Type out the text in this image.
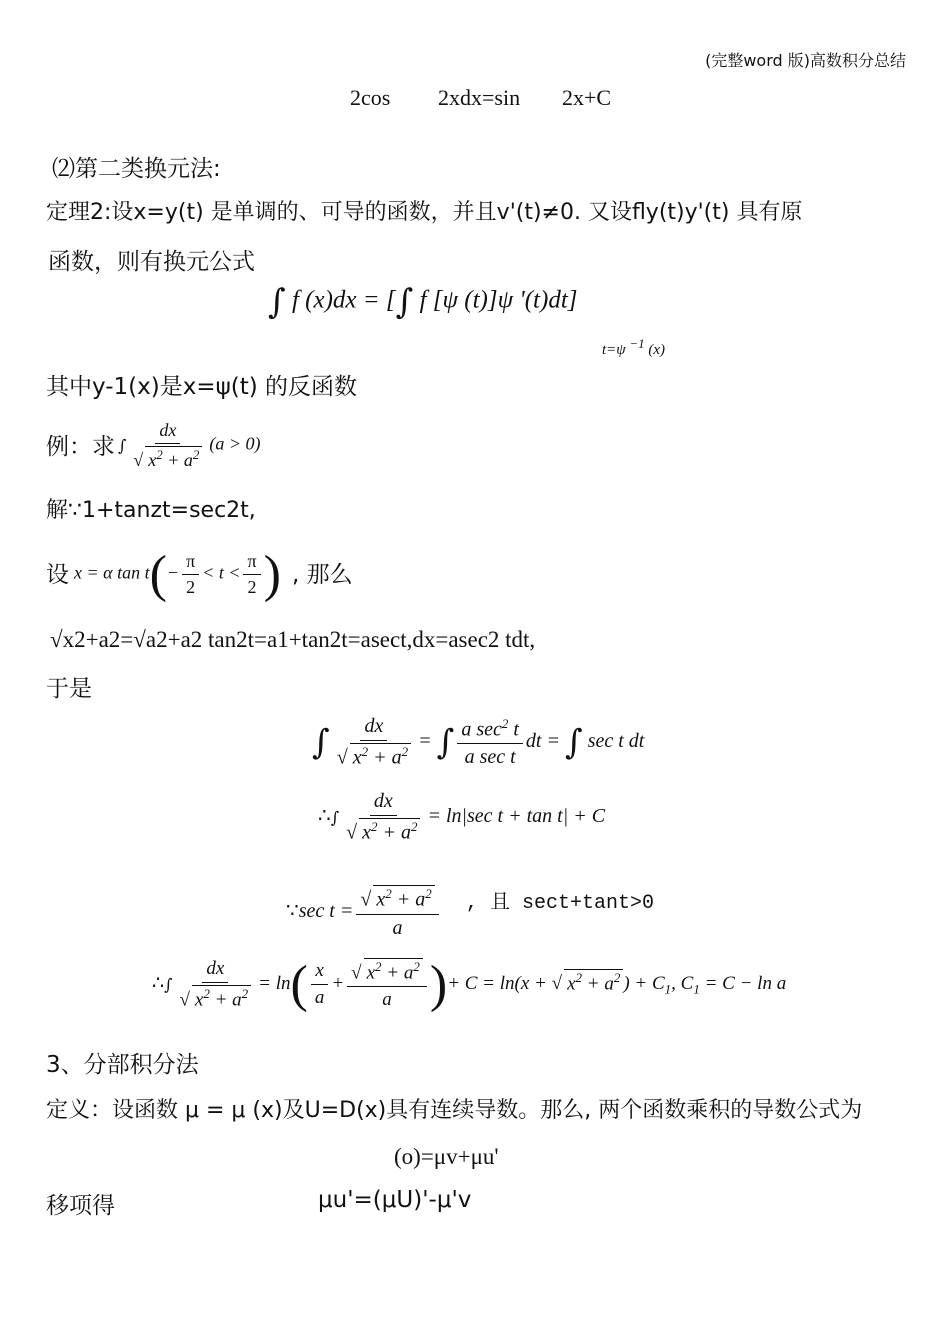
(完整word 版)高数积分总结
2cos 2xdx=sin 2x+C
⑵第二类换元法:
定理2:设x=y(t) 是单调的、可导的函数，并且v'(t)≠0. 又设fly(t)y'(t) 具有原
函数，则有换元公式
∫ f (x)dx = [∫ f [ψ (t)]ψ '(t)dt]
t=ψ $^{-1}$ (x)
其中y-1(x)是x=ψ(t) 的反函数
例：求 ∫ $\frac{dx}{√ x^2 + a^2} (a > 0)$
解∵1+tanzt=sec2t,
设 x = α $\tan t(- \frac{\pi}{2} < t < \frac{\pi}{2}$ ) , 那么
√x2+a2=√a2+a2 tan2t=a1+tan2t=asect,dx=asec2 tdt,
于是
∫ $\frac{dx}{√ x^2 + a^2}$ = ∫ $\frac{a \sec^2 t}{\text{a sec t}}$ dt = ∫ sec t dt
∴∫ $\frac{dx}{√ x^2 + a^2} = \ln|\sec$ t + tan t| + C
∵sec $t = \frac{√ x^2 + a^2}{a}$ , 且 sect+tant>0
∴∫ $\frac{dx}{√ x^2 + a^2} = \ln( \frac{x}{a} + \frac{√ x^2 + a^2}{a}$ )+ C = ln(x + √ $x^2 + a^2$ ) + $C_1$, $C_1 = C - \ln a$
3、分部积分法
定义：设函数 μ = μ (x)及U=D(x)具有连续导数。那么, 两个函数乘积的导数公式为
(o)=μv+μu'
移项得	μu'=(μU)'-μ'v
